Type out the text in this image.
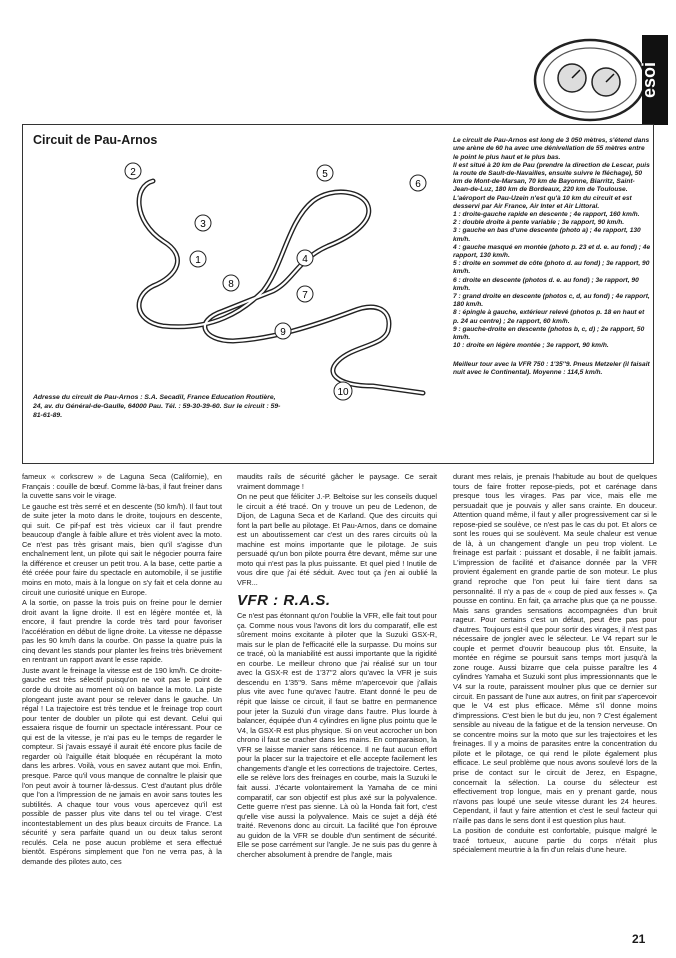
esoi
Circuit de Pau-Arnos
2
3
1
5
6
4
8
7
9
10
Adresse du circuit de Pau-Arnos : S.A. Secadil, France Education Routière, 24, av. du Général-de-Gaulle, 64000 Pau. Tél. : 59-30-39-60. Sur le circuit : 59-81-61-89.

Le circuit de Pau-Arnos est long de 3 050 mètres, s'étend dans une arène de 60 ha avec une dénivellation de 55 mètres entre le point le plus haut et le plus bas.
Il est situé à 20 km de Pau (prendre la direction de Lescar, puis la route de Sault-de-Navailles, ensuite suivre le fléchage), 50 km de Mont-de-Marsan, 70 km de Bayonne, Biarritz, Saint-Jean-de-Luz, 180 km de Bordeaux, 220 km de Toulouse.
L'aéroport de Pau-Uzein n'est qu'à 10 km du circuit et est desservi par Air France, Air Inter et Air Littoral.
1 : droite-gauche rapide en descente ; 4e rapport, 160 km/h.
2 : double droite à pente variable ; 3e rapport, 90 km/h.
3 : gauche en bas d'une descente (photo a) ; 4e rapport, 130 km/h.
4 : gauche masqué en montée (photo p. 23 et d. e. au fond) ; 4e rapport, 130 km/h.
5 : droite en sommet de côte (photo d. au fond) ; 3e rapport, 90 km/h.
6 : droite en descente (photos d. e. au fond) ; 3e rapport, 90 km/h.
7 : grand droite en descente (photos c, d, au fond) ; 4e rapport, 180 km/h.
8 : épingle à gauche, extérieur relevé (photos p. 18 en haut et p. 24 au centre) ; 2e rapport, 60 km/h.
9 : gauche-droite en descente (photos b, c, d) ; 2e rapport, 50 km/h.
10 : droite en légère montée ; 3e rapport, 90 km/h.

Meilleur tour avec la VFR 750 : 1'35''9. Pneus Metzeler (il faisait nuit avec le Continental). Moyenne : 114,5 km/h.

fameux « corkscrew » de Laguna Seca (Californie), en Français : couille de bœuf. Comme là-bas, il faut freiner dans la cuvette sans voir le virage.

Le gauche est très serré et en descente (50 km/h). Il faut tout de suite jeter la moto dans le droite, toujours en descente, qui suit. Ce pif-paf est très vicieux car il faut prendre beaucoup d'angle à faible allure et très violent avec la moto. Ce n'est pas très grisant mais, bien qu'il s'agisse d'un enchaînement lent, un pilote qui sait le négocier pourra faire la différence et creuser un petit trou. A la base, cette partie a été créée pour faire du spectacle en automobile, il se justifie moins en moto, mais à la longue on s'y fait et cela donne au circuit une curiosité unique en Europe.

A la sortie, on passe la trois puis on freine pour le dernier droit avant la ligne droite. Il est en légère montée et, là encore, il faut prendre la corde très tard pour favoriser l'accélération en début de ligne droite. La vitesse ne dépasse pas les 90 km/h dans la courbe. On passe la quatre puis la cinq devant les stands pour planter les freins très brièvement en rentrant un rapport avant le esse rapide.

Juste avant le freinage la vitesse est de 190 km/h. Ce droite-gauche est très sélectif puisqu'on ne voit pas le point de corde du droite au moment où on balance la moto. La piste plongeant juste avant pour se relever dans le gauche. Un régal ! La trajectoire est très tendue et le freinage trop court pour tenter de doubler un pilote qui est devant. Celui qui essaiera risque de fournir un spectacle intéressant. Pour ce qui est de la vitesse, je n'ai pas eu le temps de regarder le compteur. Si j'avais essayé il aurait été encore plus facile de regarder où l'aiguille était bloquée en récupérant la moto dans les arbres. Voilà, vous en savez autant que moi. Enfin, presque. Parce qu'il vous manque de connaître le plaisir que l'on peut avoir à tourner là-dessus. C'est d'autant plus drôle que l'on a l'impression de ne jamais en avoir sans toutes les subtilités. A chaque tour vous vous apercevez qu'il est possible de passer plus vite dans tel ou tel virage. C'est incontestablement un des plus beaux circuits de France. La sécurité y sera parfaite quand un ou deux talus seront reculés. Cela ne pose aucun problème et sera effectué bientôt. Espérons simplement que l'on ne verra pas, à la demande des pilotes auto, ces

maudits rails de sécurité gâcher le paysage. Ce serait vraiment dommage !

On ne peut que féliciter J.-P. Beltoise sur les conseils duquel le circuit a été tracé. On y trouve un peu de Ledenon, de Dijon, de Laguna Seca et de Karland. Que des circuits qui font la part belle au pilotage. Et Pau-Arnos, dans ce domaine est un aboutissement car c'est un des rares circuits où la machine est moins importante que le pilotage. Je suis persuadé qu'un bon pilote pourra être devant, même sur une moto qui n'est pas la plus puissante. Et quel pied ! Inutile de vous dire que j'ai été séduit. Avec tout ça j'en ai oublié la VFR...

VFR : R.A.S.

Ce n'est pas étonnant qu'on l'oublie la VFR, elle fait tout pour ça. Comme nous vous l'avons dit lors du comparatif, elle est sûrement moins excitante à piloter que la Suzuki GSX-R, mais sur le plan de l'efficacité elle la surpasse. Du moins sur ce tracé, où la maniabilité est aussi importante que la rigidité en courbe. Le meilleur chrono que j'ai réalisé sur un tour avec la GSX-R est de 1'37''2 alors qu'avec la VFR je suis descendu en 1'35''9. Sans même m'apercevoir que j'allais plus vite avec l'une qu'avec l'autre. Etant donné le peu de répit que laisse ce circuit, il faut se battre en permanence pour jeter la Suzuki d'un virage dans l'autre. Plus lourde à balancer, équipée d'un 4 cylindres en ligne plus pointu que le V4, la GSX-R est plus physique. Si on veut accrocher un bon chrono il faut se cracher dans les mains. En comparaison, la VFR se laisse manier sans réticence. Il ne faut aucun effort pour la placer sur la trajectoire et elle accepte facilement les changements d'angle et les corrections de trajectoire. Certes, elle se relève lors des freinages en courbe, mais la Suzuki le fait aussi. J'écarte volontairement la Yamaha de ce mini comparatif, car son objectif est plus axé sur la polyvalence. Cette guerre n'est pas sienne. Là où la Honda fait fort, c'est qu'elle vise aussi la polyvalence. Mais ce sujet a déjà été traité. Revenons donc au circuit. La facilité que l'on éprouve au guidon de la VFR se double d'un sentiment de sécurité. Elle se pose carrément sur l'angle. Je ne suis pas du genre à chercher absolument à prendre de l'angle, mais

durant mes relais, je prenais l'habitude au bout de quelques tours de faire frotter repose-pieds, pot et carénage dans presque tous les virages. Pas par vice, mais elle me persuadait que je pouvais y aller sans crainte. En douceur. Attention quand même, il faut y aller progressivement car si le repose-pied se soulève, ce n'est pas le cas du pot. Et alors ce sont les roues qui se soulèvent. Ma seule chaleur est venue de là, à un changement d'angle un peu trop violent. Le freinage est parfait : puissant et dosable, il ne faiblit jamais. L'impression de facilité et d'aisance donnée par la VFR provient également en grande partie de son moteur. Le plus grand reproche que l'on peut lui faire tient dans sa personnalité. Il n'y a pas de « coup de pied aux fesses ». Ça pousse en continu. En fait, ça arrache plus que ça ne pousse. Mais sans grandes sensations accompagnées d'un bruit rageur. Pour certains c'est un défaut, peut être pas pour d'autres. Toujours est-il que pour sortir des virages, il n'est pas nécessaire de jongler avec le sélecteur. Le V4 repart sur le couple et permet d'ouvrir beaucoup plus tôt. Ensuite, la montée en régime se poursuit sans temps mort jusqu'à la zone rouge. Aussi bizarre que cela puisse paraître les 4 cylindres Yamaha et Suzuki sont plus impressionnants que le V4 sur la route, paraissent moulner plus que ce dernier sur circuit. En passant de l'une aux autres, on finit par s'apercevoir que le V4 est plus efficace. Même s'il donne moins d'impressions. C'est bien le but du jeu, non ? C'est également sensible au niveau de la fatigue et de la tension nerveuse. On se concentre moins sur la moto que sur les trajectoires et les freinages. Il y a moins de parasites entre la concentration du pilote et le pilotage, ce qui rend le pilote également plus efficace. Le seul problème que nous avons soulevé lors de la prise de contact sur le circuit de Jerez, en Espagne, concernait la sélection. La course du sélecteur est effectivement trop longue, mais en y prenant garde, nous n'avons pas loupé une seule vitesse durant les 24 heures. Cependant, il faut y faire attention et c'est le seul facteur qui n'aille pas dans le sens dont il est question plus haut.

La position de conduite est confortable, puisque malgré le tracé tortueux, aucune partie du corps n'était plus spécialement meurtrie à la fin d'un relais d'une heure.

21
